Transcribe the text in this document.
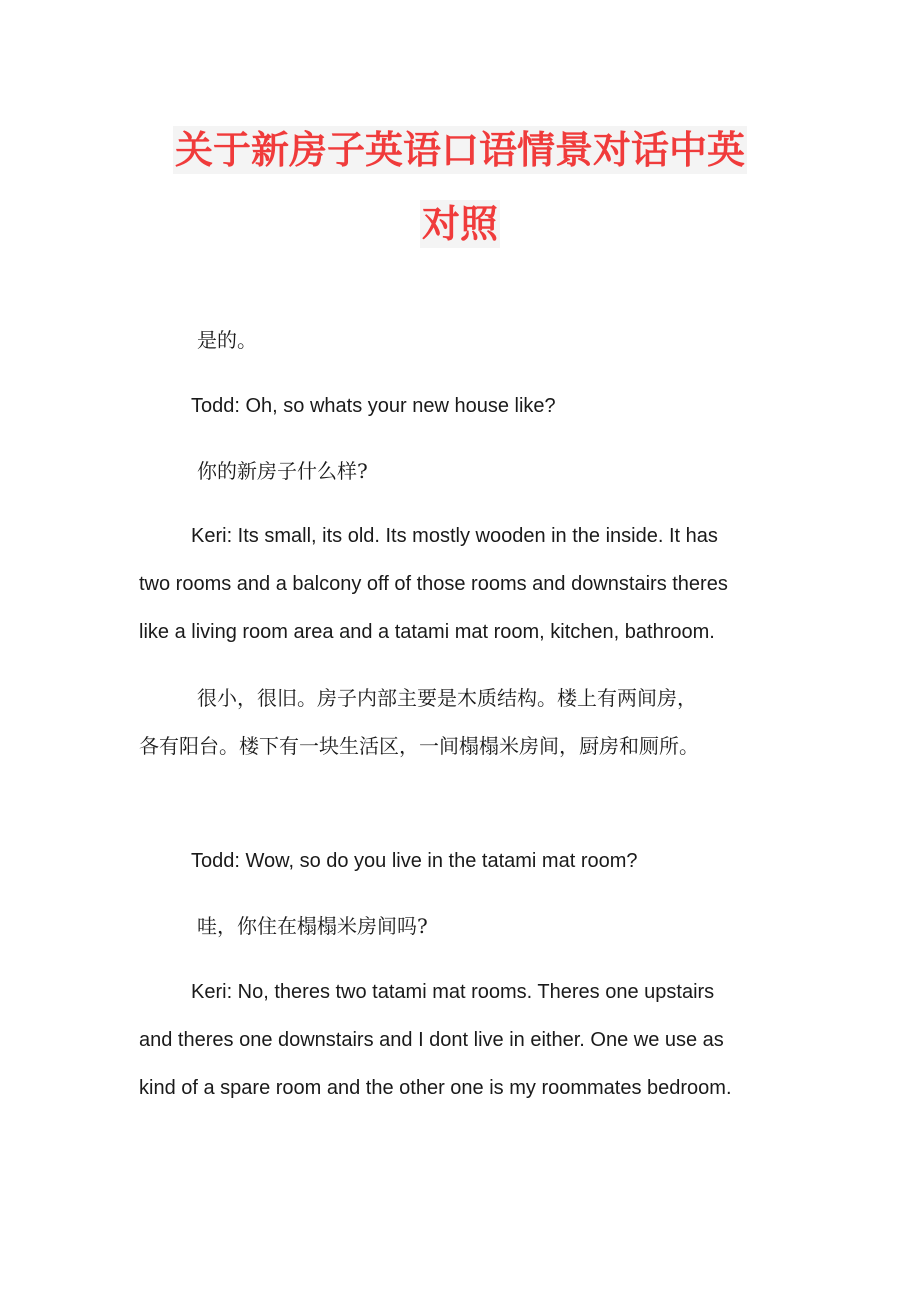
关于新房子英语口语情景对话中英
对照
是的。
Todd: Oh, so whats your new house like?
你的新房子什么样?
Keri: Its small, its old. Its mostly wooden in the inside. It has
two rooms and a balcony off of those rooms and downstairs theres
like a living room area and a tatami mat room, kitchen, bathroom.
很小，很旧。房子内部主要是木质结构。楼上有两间房，
各有阳台。楼下有一块生活区，一间榻榻米房间，厨房和厕所。
Todd: Wow, so do you live in the tatami mat room?
哇，你住在榻榻米房间吗?
Keri: No, theres two tatami mat rooms. Theres one upstairs
and theres one downstairs and I dont live in either. One we use as
kind of a spare room and the other one is my roommates bedroom.
